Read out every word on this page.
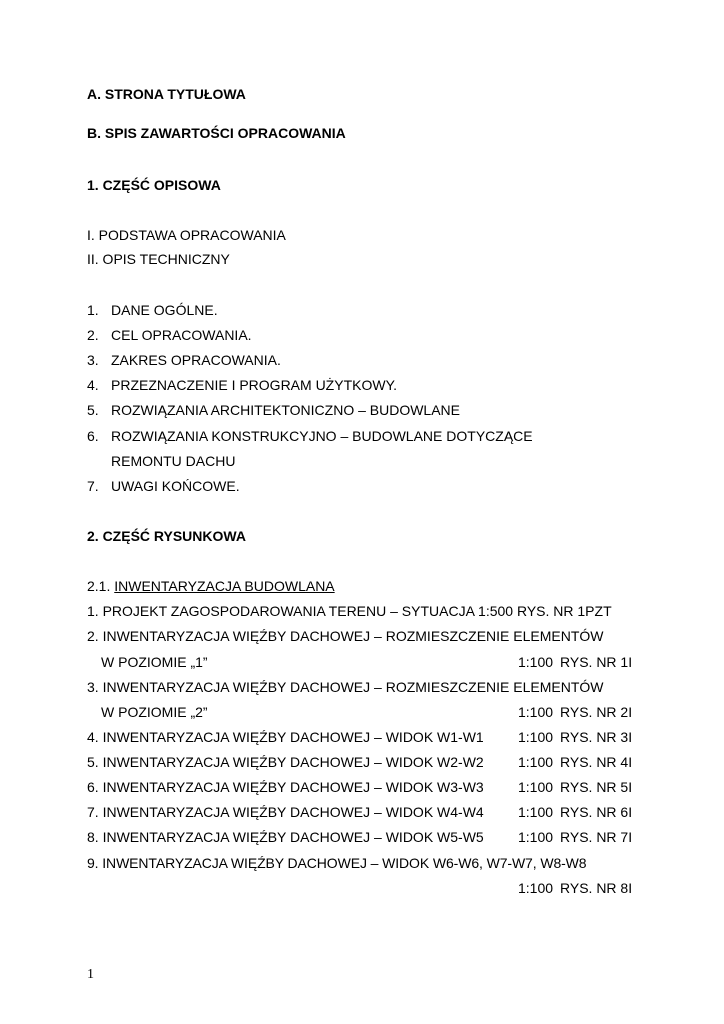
A. STRONA TYTUŁOWA
B. SPIS ZAWARTOŚCI OPRACOWANIA
1. CZĘŚĆ OPISOWA
I. PODSTAWA OPRACOWANIA
II. OPIS TECHNICZNY
1. DANE OGÓLNE.
2. CEL OPRACOWANIA.
3. ZAKRES OPRACOWANIA.
4. PRZEZNACZENIE I PROGRAM UŻYTKOWY.
5. ROZWIĄZANIA ARCHITEKTONICZNO – BUDOWLANE
6. ROZWIĄZANIA KONSTRUKCYJNO – BUDOWLANE DOTYCZĄCE
REMONTU DACHU
7. UWAGI KOŃCOWE.
2. CZĘŚĆ RYSUNKOWA
2.1. INWENTARYZACJA BUDOWLANA
1. PROJEKT ZAGOSPODAROWANIA TERENU – SYTUACJA 1:500 RYS. NR 1PZT
2. INWENTARYZACJA WIĘŹBY DACHOWEJ – ROZMIESZCZENIE ELEMENTÓW
W POZIOMIE „1”	1:100 RYS. NR 1I
3. INWENTARYZACJA WIĘŹBY DACHOWEJ – ROZMIESZCZENIE ELEMENTÓW
W POZIOMIE „2”	1:100 RYS. NR 2I
4. INWENTARYZACJA WIĘŹBY DACHOWEJ – WIDOK W1-W1 1:100 RYS. NR 3I
5. INWENTARYZACJA WIĘŹBY DACHOWEJ – WIDOK W2-W2 1:100 RYS. NR 4I
6. INWENTARYZACJA WIĘŹBY DACHOWEJ – WIDOK W3-W3 1:100 RYS. NR 5I
7. INWENTARYZACJA WIĘŹBY DACHOWEJ – WIDOK W4-W4 1:100 RYS. NR 6I
8. INWENTARYZACJA WIĘŹBY DACHOWEJ – WIDOK W5-W5 1:100 RYS. NR 7I
9. INWENTARYZACJA WIĘŹBY DACHOWEJ – WIDOK W6-W6, W7-W7, W8-W8
1:100 RYS. NR 8I
1
